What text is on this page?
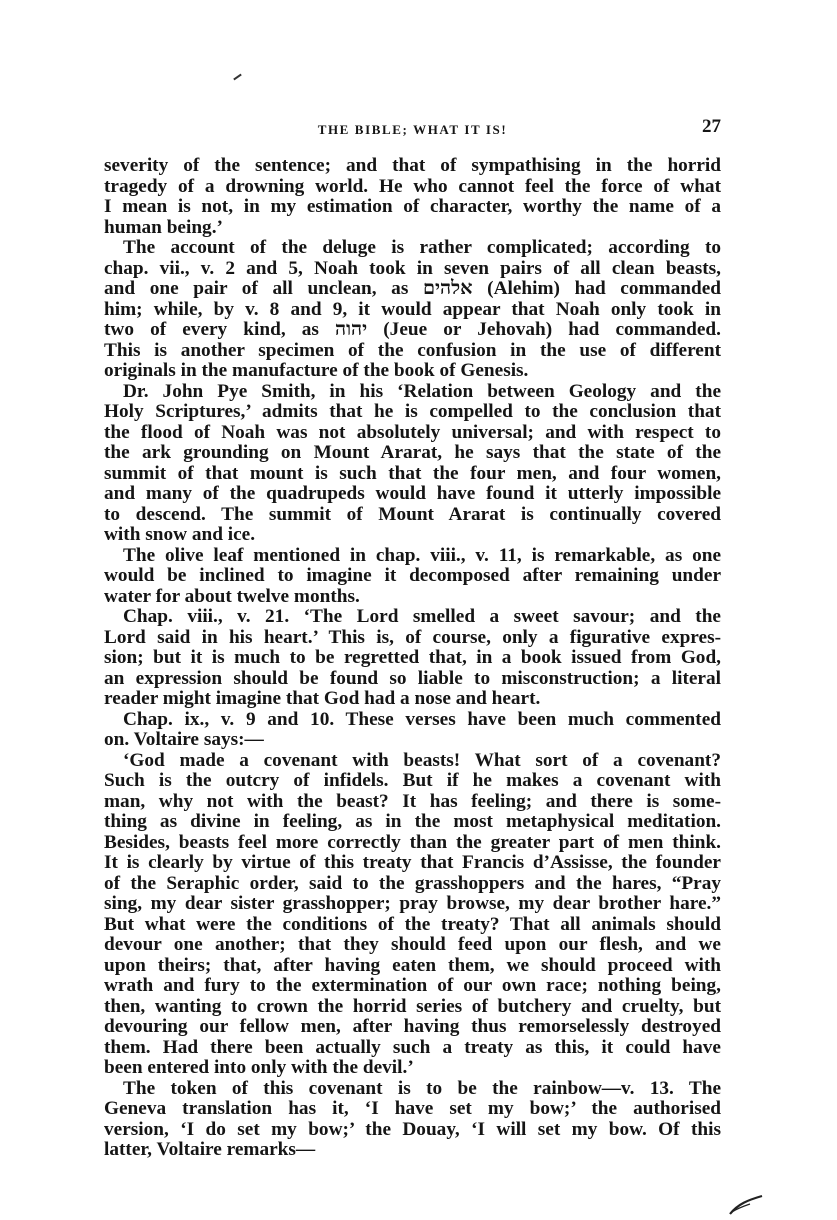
THE BIBLE; WHAT IT IS!	27
severity of the sentence; and that of sympathising in the horrid
tragedy of a drowning world. He who cannot feel the force of what
I mean is not, in my estimation of character, worthy the name of a
human being.’
The account of the deluge is rather complicated; according to
chap. vii., v. 2 and 5, Noah took in seven pairs of all clean beasts,
and one pair of all unclean, as אלהים (Alehim) had commanded
him; while, by v. 8 and 9, it would appear that Noah only took in
two of every kind, as יהוה (Jeue or Jehovah) had commanded.
This is another specimen of the confusion in the use of different
originals in the manufacture of the book of Genesis.
Dr. John Pye Smith, in his ‘Relation between Geology and the
Holy Scriptures,’ admits that he is compelled to the conclusion that
the flood of Noah was not absolutely universal; and with respect to
the ark grounding on Mount Ararat, he says that the state of the
summit of that mount is such that the four men, and four women,
and many of the quadrupeds would have found it utterly impossible
to descend. The summit of Mount Ararat is continually covered
with snow and ice.
The olive leaf mentioned in chap. viii., v. 11, is remarkable, as one
would be inclined to imagine it decomposed after remaining under
water for about twelve months.
Chap. viii., v. 21. ‘The Lord smelled a sweet savour; and the
Lord said in his heart.’ This is, of course, only a figurative expres-
sion; but it is much to be regretted that, in a book issued from God,
an expression should be found so liable to misconstruction; a literal
reader might imagine that God had a nose and heart.
Chap. ix., v. 9 and 10. These verses have been much commented
on. Voltaire says:—
‘God made a covenant with beasts! What sort of a covenant?
Such is the outcry of infidels. But if he makes a covenant with
man, why not with the beast? It has feeling; and there is some-
thing as divine in feeling, as in the most metaphysical meditation.
Besides, beasts feel more correctly than the greater part of men think.
It is clearly by virtue of this treaty that Francis d’Assisse, the founder
of the Seraphic order, said to the grasshoppers and the hares, “Pray
sing, my dear sister grasshopper; pray browse, my dear brother hare.”
But what were the conditions of the treaty? That all animals should
devour one another; that they should feed upon our flesh, and we
upon theirs; that, after having eaten them, we should proceed with
wrath and fury to the extermination of our own race; nothing being,
then, wanting to crown the horrid series of butchery and cruelty, but
devouring our fellow men, after having thus remorselessly destroyed
them. Had there been actually such a treaty as this, it could have
been entered into only with the devil.’
The token of this covenant is to be the rainbow—v. 13. The
Geneva translation has it, ‘I have set my bow;’ the authorised
version, ‘I do set my bow;’ the Douay, ‘I will set my bow. Of this
latter, Voltaire remarks—
